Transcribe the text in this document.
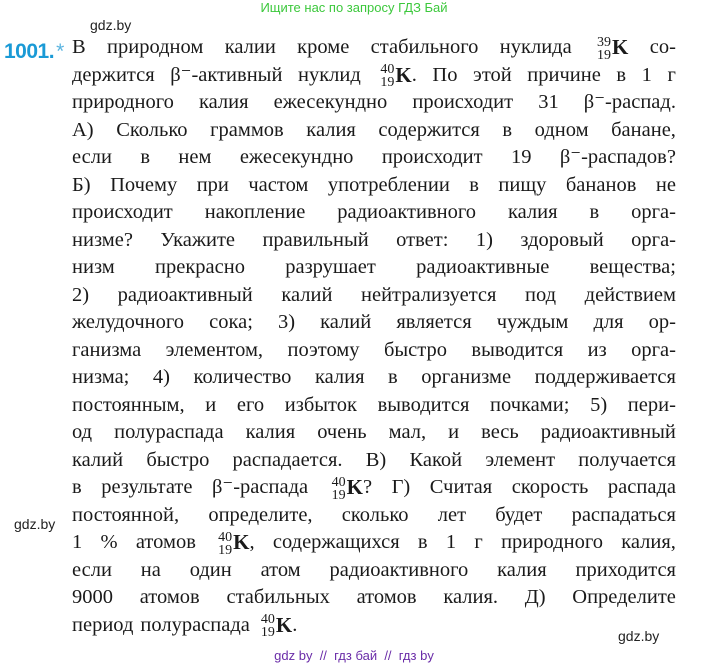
Ищите нас по запросу ГДЗ Бай
gdz.by
gdz.by
gdz.by
1001.* В природном калии кроме стабильного нуклида 39
19 K со-
держится β⁻-активный нуклид 40
19 K . По этой причине в 1 г
природного калия ежесекундно происходит 31 β⁻-распад.
А) Сколько граммов калия содержится в одном банане,
если в нем ежесекундно происходит 19 β⁻-распадов?
Б) Почему при частом употреблении в пищу бананов не
происходит накопление радиоактивного калия в орга-
низме? Укажите правильный ответ: 1) здоровый орга-
низм прекрасно разрушает радиоактивные вещества;
2) радиоактивный калий нейтрализуется под действием
желудочного сока; 3) калий является чуждым для ор-
ганизма элементом, поэтому быстро выводится из орга-
низма; 4) количество калия в организме поддерживается
постоянным, и его избыток выводится почками; 5) пери-
од полураспада калия очень мал, и весь радиоактивный
калий быстро распадается. В) Какой элемент получается
в результате β⁻-распада 40
19 K ? Г) Считая скорость распада
постоянной, определите, сколько лет будет распадаться
1 % атомов 40
19 K , содержащихся в 1 г природного калия,
если на один атом радиоактивного калия приходится
9000 атомов стабильных атомов калия. Д) Определите
период полураспада 40
19 K .

gdz by  //  гдз бай  //  гдз by
